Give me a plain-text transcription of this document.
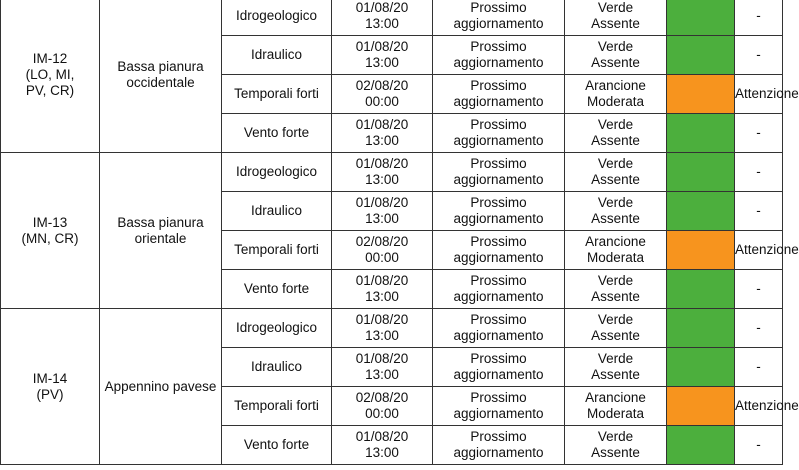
IM-12
(LO, MI,
PV, CR)	Bassa pianura
occidentale	Idrogeologico	01/08/20
13:00	Prossimo
aggiornamento	Verde
Assente		-
		Idraulico	01/08/20
13:00	Prossimo
aggiornamento	Verde
Assente		-
		Temporali forti	02/08/20
00:00	Prossimo
aggiornamento	Arancione
Moderata		Attenzione
		Vento forte	01/08/20
13:00	Prossimo
aggiornamento	Verde
Assente		-

IM-13
(MN, CR)	Bassa pianura
orientale	Idrogeologico	01/08/20
13:00	Prossimo
aggiornamento	Verde
Assente		-
		Idraulico	01/08/20
13:00	Prossimo
aggiornamento	Verde
Assente		-
		Temporali forti	02/08/20
00:00	Prossimo
aggiornamento	Arancione
Moderata		Attenzione
		Vento forte	01/08/20
13:00	Prossimo
aggiornamento	Verde
Assente		-

IM-14
(PV)	Appennino pavese	Idrogeologico	01/08/20
13:00	Prossimo
aggiornamento	Verde
Assente		-
		Idraulico	01/08/20
13:00	Prossimo
aggiornamento	Verde
Assente		-
		Temporali forti	02/08/20
00:00	Prossimo
aggiornamento	Arancione
Moderata		Attenzione
		Vento forte	01/08/20
13:00	Prossimo
aggiornamento	Verde
Assente		-
